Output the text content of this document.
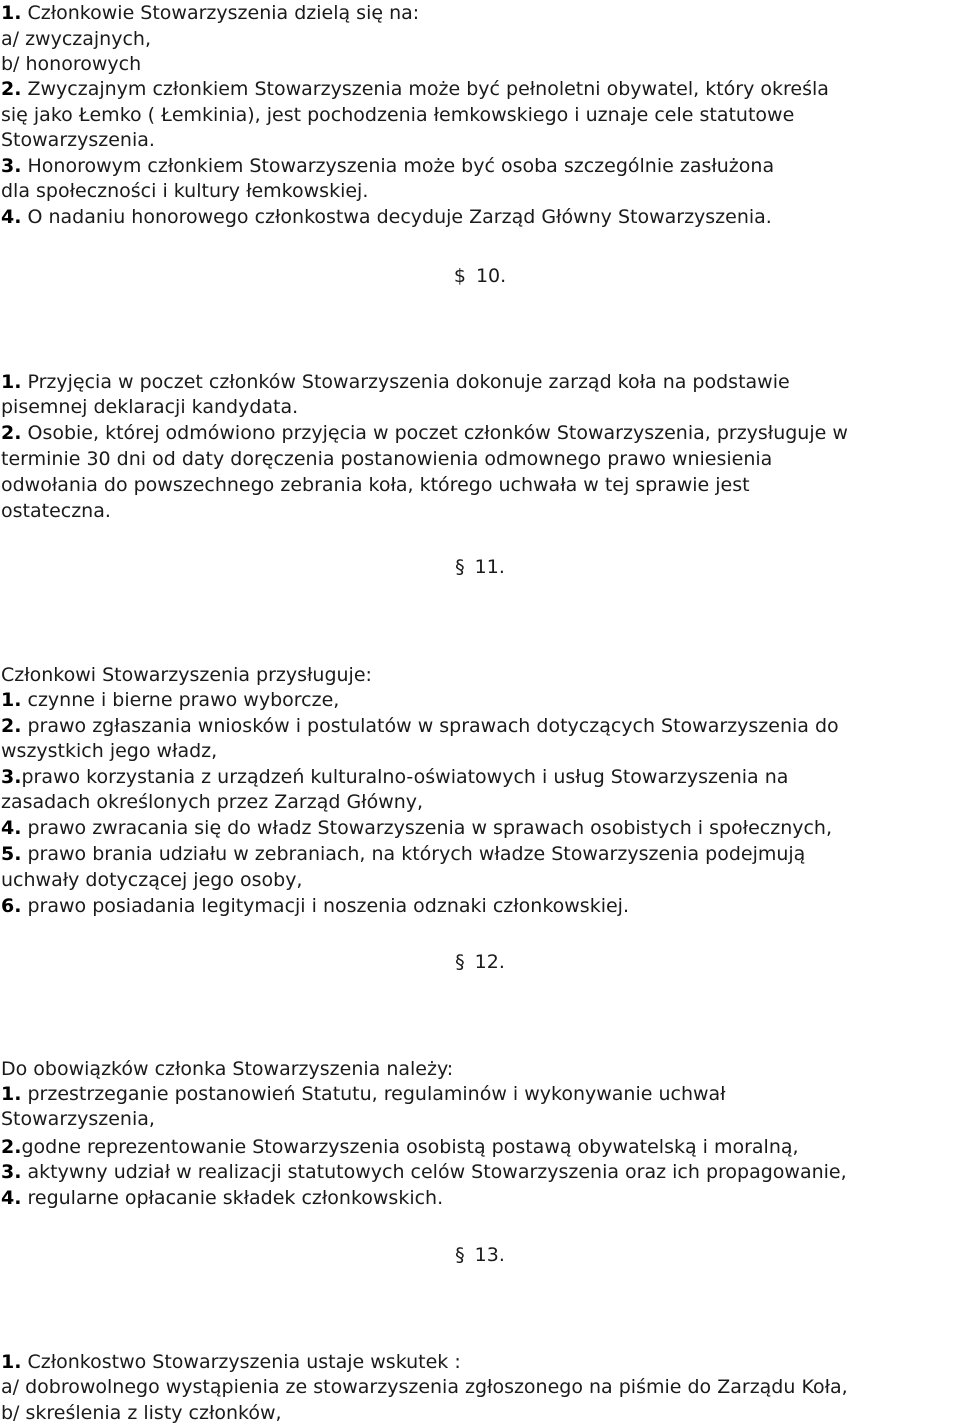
1. Członkowie Stowarzyszenia dzielą się na:

a/ zwyczajnych,

b/ honorowych

2. Zwyczajnym członkiem Stowarzyszenia może być pełnoletni obywatel, który określa

się jako Łemko ( Łemkinia), jest pochodzenia łemkowskiego i uznaje cele statutowe

Stowarzyszenia.

3. Honorowym członkiem Stowarzyszenia może być osoba szczególnie zasłużona

dla społeczności i kultury łemkowskiej.

4. O nadaniu honorowego członkostwa decyduje Zarząd Główny Stowarzyszenia.

$ 10.

1. Przyjęcia w poczet członków Stowarzyszenia dokonuje zarząd koła na podstawie

pisemnej deklaracji kandydata.

2. Osobie, której odmówiono przyjęcia w poczet członków Stowarzyszenia, przysługuje w

terminie 30 dni od daty doręczenia postanowienia odmownego prawo wniesienia

odwołania do powszechnego zebrania koła, którego uchwała w tej sprawie jest

ostateczna.

§ 11.

Członkowi Stowarzyszenia przysługuje:

1. czynne i bierne prawo wyborcze,

2. prawo zgłaszania wniosków i postulatów w sprawach dotyczących Stowarzyszenia do

wszystkich jego władz,

3.prawo korzystania z urządzeń kulturalno-oświatowych i usług Stowarzyszenia na

zasadach określonych przez Zarząd Główny,

4. prawo zwracania się do władz Stowarzyszenia w sprawach osobistych i społecznych,

5. prawo brania udziału w zebraniach, na których władze Stowarzyszenia podejmują

uchwały dotyczącej jego osoby,

6. prawo posiadania legitymacji i noszenia odznaki członkowskiej.

§ 12.

Do obowiązków członka Stowarzyszenia należy:

1. przestrzeganie postanowień Statutu, regulaminów i wykonywanie uchwał

Stowarzyszenia,

2.godne reprezentowanie Stowarzyszenia osobistą postawą obywatelską i moralną,

3. aktywny udział w realizacji statutowych celów Stowarzyszenia oraz ich propagowanie,

4. regularne opłacanie składek członkowskich.

§ 13.

1. Członkostwo Stowarzyszenia ustaje wskutek :

a/ dobrowolnego wystąpienia ze stowarzyszenia zgłoszonego na piśmie do Zarządu Koła,

b/ skreślenia z listy członków,
